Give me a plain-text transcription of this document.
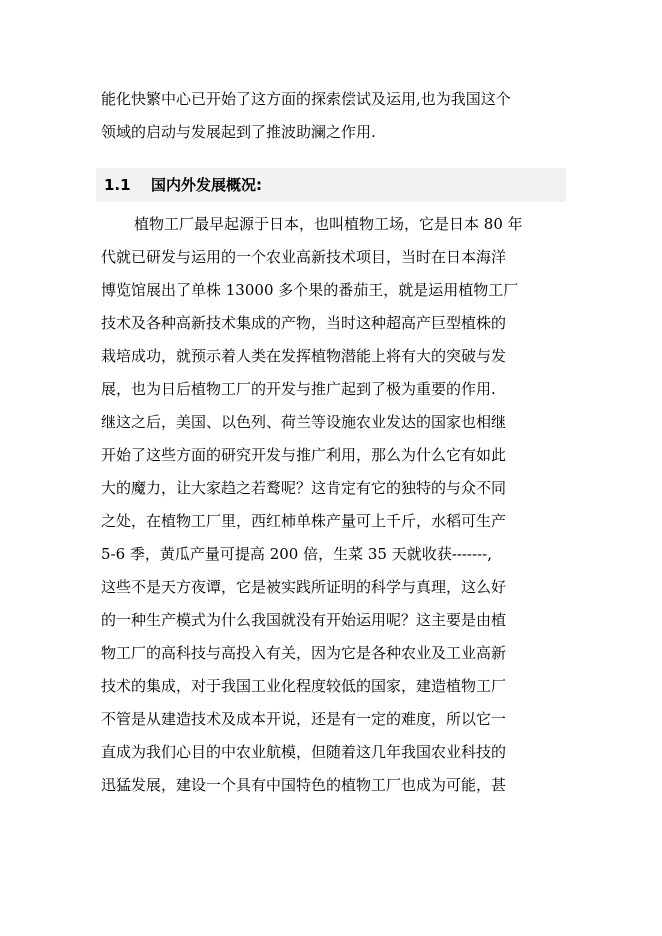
能化快繁中心已开始了这方面的探索偿试及运用,也为我国这个
领域的启动与发展起到了推波助澜之作用.
1.1 国内外发展概况:
植物工厂最早起源于日本，也叫植物工场，它是日本 80 年
代就已研发与运用的一个农业高新技术项目，当时在日本海洋
博览馆展出了单株 13000 多个果的番茄王，就是运用植物工厂
技术及各种高新技术集成的产物，当时这种超高产巨型植株的
栽培成功，就预示着人类在发挥植物潜能上将有大的突破与发
展，也为日后植物工厂的开发与推广起到了极为重要的作用.
继这之后，美国、以色列、荷兰等设施农业发达的国家也相继
开始了这些方面的研究开发与推广利用，那么为什么它有如此
大的魔力，让大家趋之若鹜呢？这肯定有它的独特的与众不同
之处，在植物工厂里，西红柿单株产量可上千斤，水稻可生产
5-6 季，黄瓜产量可提高 200 倍，生菜 35 天就收获-------,
这些不是天方夜谭，它是被实践所证明的科学与真理，这么好
的一种生产模式为什么我国就没有开始运用呢？这主要是由植
物工厂的高科技与高投入有关，因为它是各种农业及工业高新
技术的集成，对于我国工业化程度较低的国家，建造植物工厂
不管是从建造技术及成本开说，还是有一定的难度，所以它一
直成为我们心目的中农业航模，但随着这几年我国农业科技的
迅猛发展，建设一个具有中国特色的植物工厂也成为可能，甚
